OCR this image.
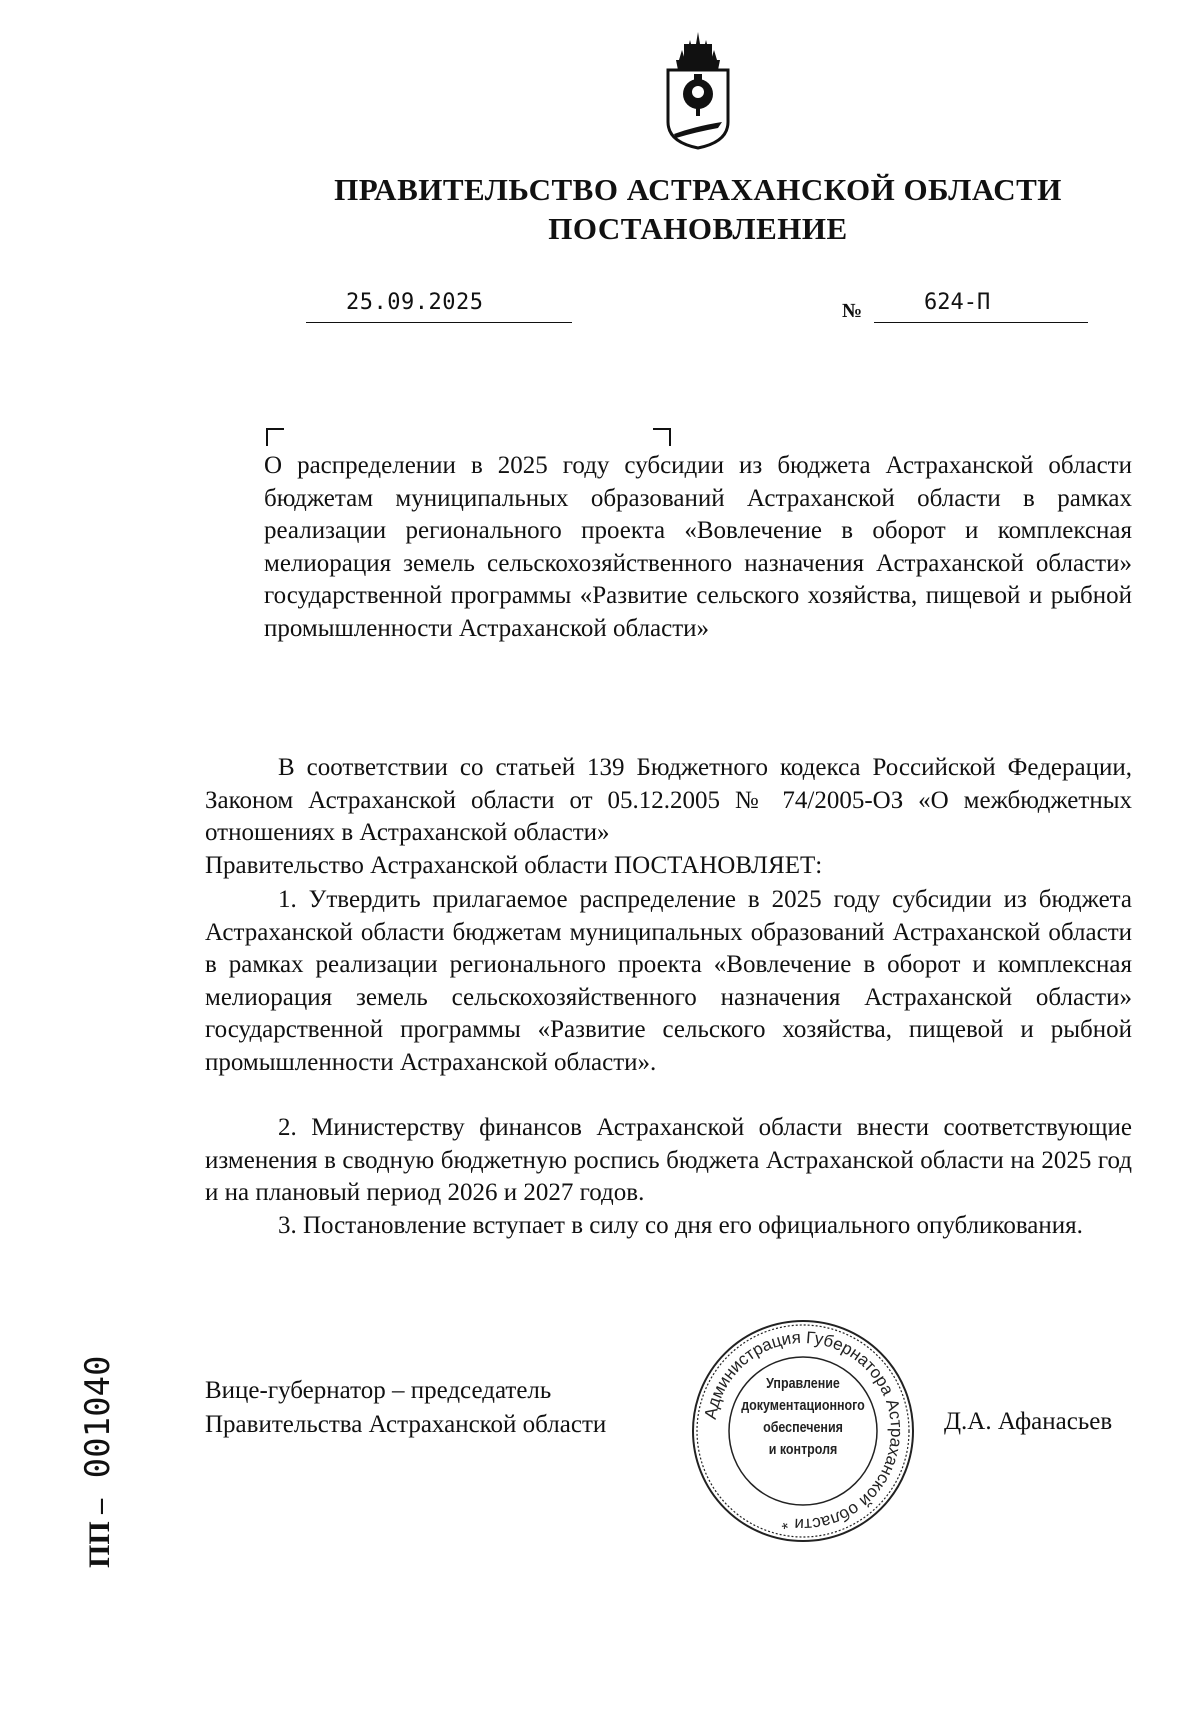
ПРАВИТЕЛЬСТВО АСТРАХАНСКОЙ ОБЛАСТИ
ПОСТАНОВЛЕНИЕ
25.09.2025	№	624-П
О распределении в 2025 году субсидии из бюджета Астраханской области бюджетам муниципальных образований Астраханской области в рамках реализации регионального проекта «Вовлечение в оборот и комплексная мелиорация земель сельскохозяйственного назначения Астраханской области» государственной программы «Развитие сельского хозяйства, пищевой и рыбной промышленности Астраханской области»
В соответствии со статьей 139 Бюджетного кодекса Российской Федерации, Законом Астраханской области от 05.12.2005 № 74/2005-ОЗ «О межбюджетных отношениях в Астраханской области»
Правительство Астраханской области ПОСТАНОВЛЯЕТ:
1. Утвердить прилагаемое распределение в 2025 году субсидии из бюджета Астраханской области бюджетам муниципальных образований Астраханской области в рамках реализации регионального проекта «Вовлечение в оборот и комплексная мелиорация земель сельскохозяйственного назначения Астраханской области» государственной программы «Развитие сельского хозяйства, пищевой и рыбной промышленности Астраханской области».
2. Министерству финансов Астраханской области внести соответствующие изменения в сводную бюджетную роспись бюджета Астраханской области на 2025 год и на плановый период 2026 и 2027 годов.
3. Постановление вступает в силу со дня его официального опубликования.
Вице-губернатор – председатель
Правительства Астраханской области	Администрация Губернатора Астраханской области *
Управление
документационного
обеспечения
и контроля
Д.А. Афанасьев
ПП – 001040
